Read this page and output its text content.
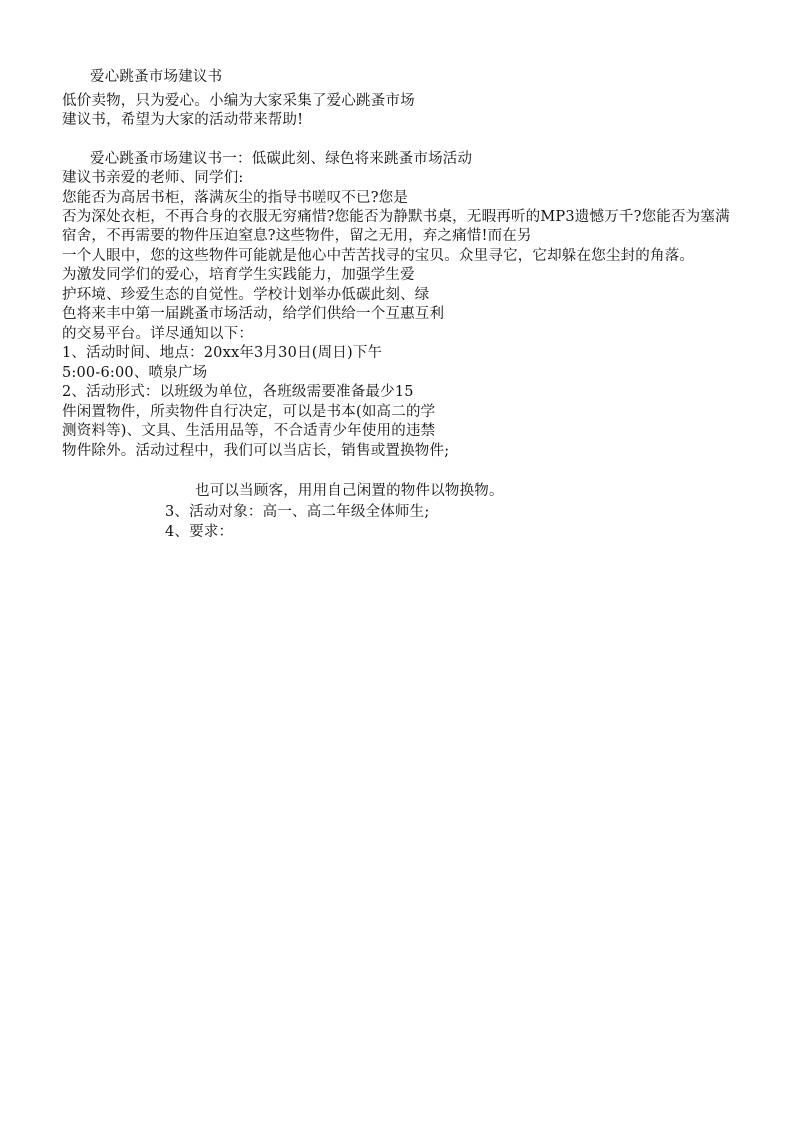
爱心跳蚤市场建议书
低价卖物，只为爱心。小编为大家采集了爱心跳蚤市场
建议书，希望为大家的活动带来帮助!
爱心跳蚤市场建议书一：低碳此刻、绿色将来跳蚤市场活动
建议书亲爱的老师、同学们:
您能否为高居书柜，落满灰尘的指导书嗟叹不已?您是
否为深处衣柜，不再合身的衣服无穷痛惜?您能否为静默书桌，无暇再听的MP3遗憾万千?您能否为塞满
宿舍，不再需要的物件压迫窒息?这些物件，留之无用，弃之痛惜!而在另
一个人眼中，您的这些物件可能就是他心中苦苦找寻的宝贝。众里寻它，它却躲在您尘封的角落。
为激发同学们的爱心，培育学生实践能力，加强学生爱
护环境、珍爱生态的自觉性。学校计划举办低碳此刻、绿
色将来丰中第一届跳蚤市场活动，给学们供给一个互惠互利
的交易平台。详尽通知以下：
1、活动时间、地点：20xx年3月30日(周日)下午
5:00-6:00、喷泉广场
2、活动形式：以班级为单位，各班级需要准备最少15
件闲置物件，所卖物件自行决定，可以是书本(如高二的学
测资料等)、文具、生活用品等，不合适青少年使用的违禁
物件除外。活动过程中，我们可以当店长，销售或置换物件;
也可以当顾客，用用自己闲置的物件以物换物。
3、活动对象：高一、高二年级全体师生;
4、要求：
